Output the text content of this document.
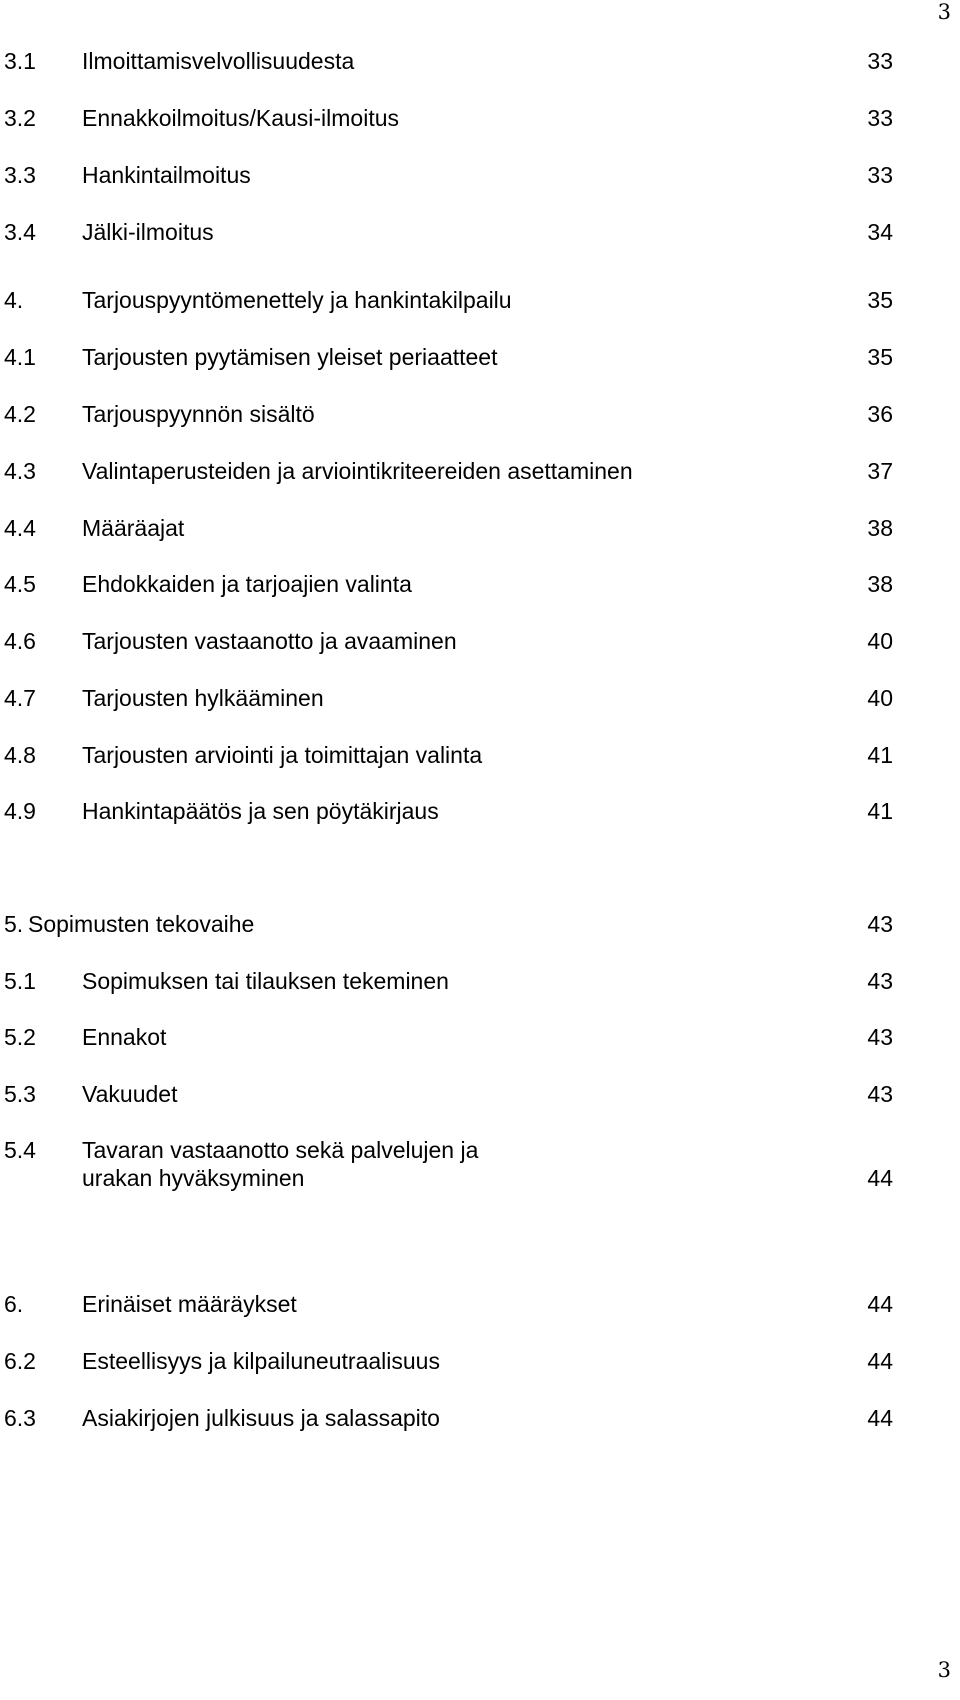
3
3.1 Ilmoittamisvelvollisuudesta	33
3.2 Ennakkoilmoitus/Kausi-ilmoitus	33
3.3 Hankintailmoitus	33
3.4 Jälki-ilmoitus	34
4.	Tarjouspyyntömenettely ja hankintakilpailu	35
4.1 Tarjousten pyytämisen yleiset periaatteet	35
4.2 Tarjouspyynnön sisältö	36
4.3 Valintaperusteiden ja arviointikriteereiden asettaminen	37
4.4 Määräajat	38
4.5 Ehdokkaiden ja tarjoajien valinta	38
4.6 Tarjousten vastaanotto ja avaaminen	40
4.7 Tarjousten hylkääminen	40
4.8 Tarjousten arviointi ja toimittajan valinta	41
4.9 Hankintapäätös ja sen pöytäkirjaus	41
5. Sopimusten tekovaihe	43
5.1 Sopimuksen tai tilauksen tekeminen	43
5.2 Ennakot	43
5.3 Vakuudet	43
5.4 Tavaran vastaanotto sekä palvelujen ja
urakan hyväksyminen	44
6.	Erinäiset määräykset	44
6.2 Esteellisyys ja kilpailuneutraalisuus	44
6.3 Asiakirjojen julkisuus ja salassapito	44
3
